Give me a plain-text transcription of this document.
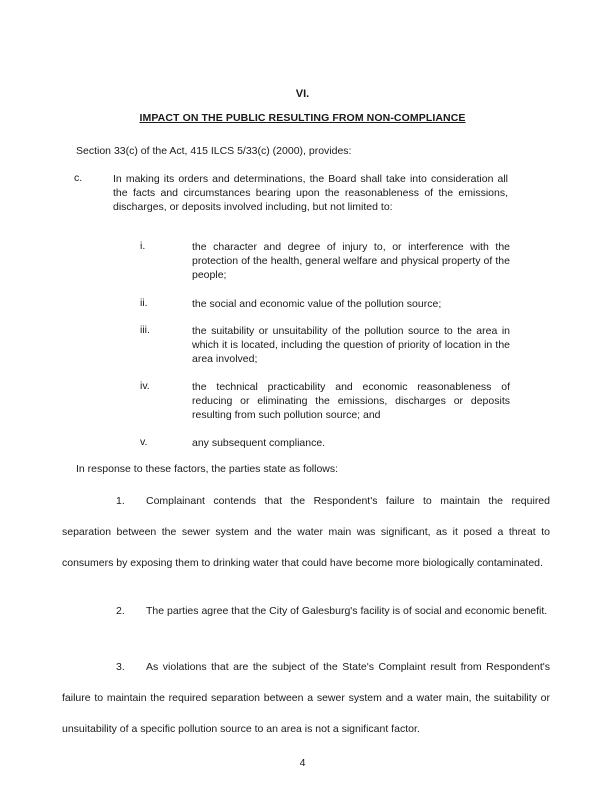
VI.
IMPACT ON THE PUBLIC RESULTING FROM NON-COMPLIANCE
Section 33(c) of the Act, 415 ILCS 5/33(c) (2000), provides:
c.	In making its orders and determinations, the Board shall take into consideration all the facts and circumstances bearing upon the reasonableness of the emissions, discharges, or deposits involved including, but not limited to:
i.	the character and degree of injury to, or interference with the protection of the health, general welfare and physical property of the people;
ii.	the social and economic value of the pollution source;
iii.	the suitability or unsuitability of the pollution source to the area in which it is located, including the question of priority of location in the area involved;
iv.	the technical practicability and economic reasonableness of reducing or eliminating the emissions, discharges or deposits resulting from such pollution source; and
v.	any subsequent compliance.
In response to these factors, the parties state as follows:
1. Complainant contends that the Respondent's failure to maintain the required separation between the sewer system and the water main was significant, as it posed a threat to consumers by exposing them to drinking water that could have become more biologically contaminated.
2. The parties agree that the City of Galesburg's facility is of social and economic benefit.
3. As violations that are the subject of the State's Complaint result from Respondent's failure to maintain the required separation between a sewer system and a water main, the suitability or unsuitability of a specific pollution source to an area is not a significant factor.
4
